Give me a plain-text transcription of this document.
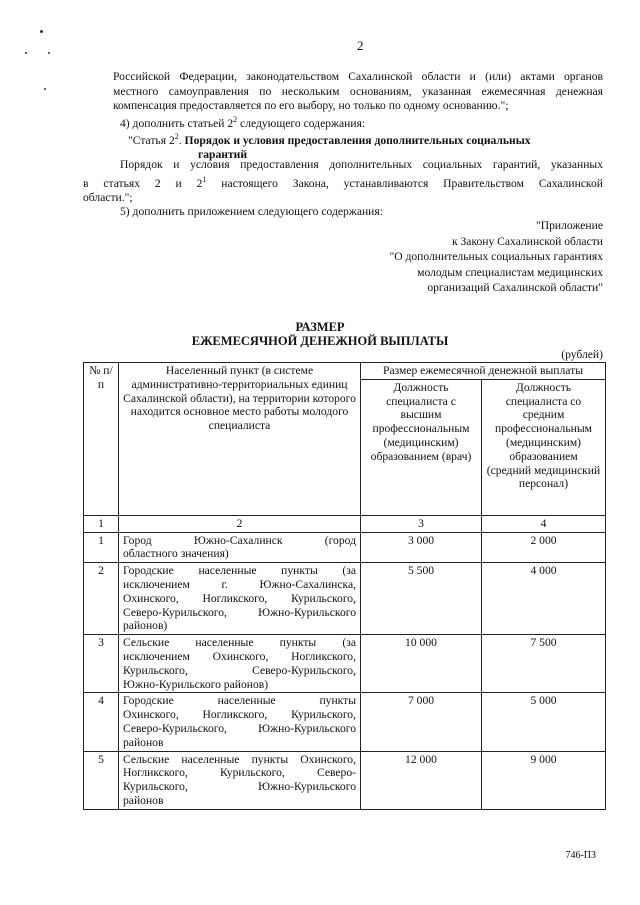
2
Российской Федерации, законодательством Сахалинской области и (или) актами органов
местного самоуправления по нескольким основаниям, указанная ежемесячная денежная
компенсация предоставляется по его выбору, но только по одному основанию.";
4) дополнить статьей $2^2$ следующего содержания:
"Статья $2^2$. Порядок и условия предоставления дополнительных социальных
гарантий
Порядок и условия предоставления дополнительных социальных гарантий, указанных
в статьях 2 и $2^1$ настоящего Закона, устанавливаются Правительством Сахалинской
области.";
5) дополнить приложением следующего содержания:
"Приложение
к Закону Сахалинской области
"О дополнительных социальных гарантиях
молодым специалистам медицинских
организаций Сахалинской области"
РАЗМЕР
ЕЖЕМЕСЯЧНОЙ ДЕНЕЖНОЙ ВЫПЛАТЫ
(рублей)
№ п/п	Населенный пункт (в системе административно-территориальных единиц Сахалинской области), на территории которого находится основное место работы молодого специалиста	Размер ежемесячной денежной выплаты	
		Должность специалиста с высшим профессиональным (медицинским) образованием (врач)	Должность специалиста со средним профессиональным (медицинским) образованием (средний медицинский персонал)
1	2	3	4
1	Город Южно-Сахалинск (город
областного значения)	3 000	2 000
2	Городские населенные пункты (за
исключением г. Южно-Сахалинска,
Охинского, Ногликского, Курильского,
Северо-Курильского, Южно-Курильского
районов)	5 500	4 000
3	Сельские населенные пункты (за
исключением Охинского, Ногликского,
Курильского, Северо-Курильского,
Южно-Курильского районов)	10 000	7 500
4	Городские населенные пункты
Охинского, Ногликского, Курильского,
Северо-Курильского, Южно-Курильского
районов	7 000	5 000
5	Сельские населенные пункты Охинского,
Ногликского, Курильского, Северо-
Курильского, Южно-Курильского
районов	12 000	9 000
746-ПЗ
